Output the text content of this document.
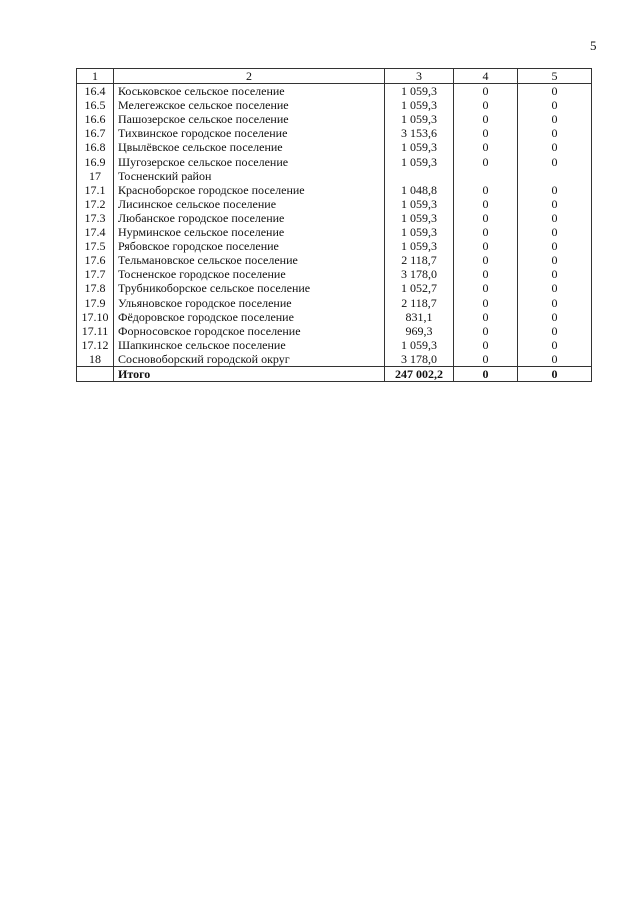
5
1	2	3	4	5
16.4	Коськовское сельское поселение	1 059,3	0	0
16.5	Мелегежское сельское поселение	1 059,3	0	0
16.6	Пашозерское сельское поселение	1 059,3	0	0
16.7	Тихвинское городское поселение	3 153,6	0	0
16.8	Цвылёвское сельское поселение	1 059,3	0	0
16.9	Шугозерское сельское поселение	1 059,3	0	0
17	Тосненский район			
17.1	Красноборское городское поселение	1 048,8	0	0
17.2	Лисинское сельское поселение	1 059,3	0	0
17.3	Любанское городское поселение	1 059,3	0	0
17.4	Нурминское сельское поселение	1 059,3	0	0
17.5	Рябовское городское поселение	1 059,3	0	0
17.6	Тельмановское сельское поселение	2 118,7	0	0
17.7	Тосненское городское поселение	3 178,0	0	0
17.8	Трубникоборское сельское поселение	1 052,7	0	0
17.9	Ульяновское городское поселение	2 118,7	0	0
17.10	Фёдоровское городское поселение	831,1	0	0
17.11	Форносовское городское поселение	969,3	0	0
17.12	Шапкинское сельское поселение	1 059,3	0	0
18	Сосновоборский городской округ	3 178,0	0	0
	Итого	247 002,2	0	0
